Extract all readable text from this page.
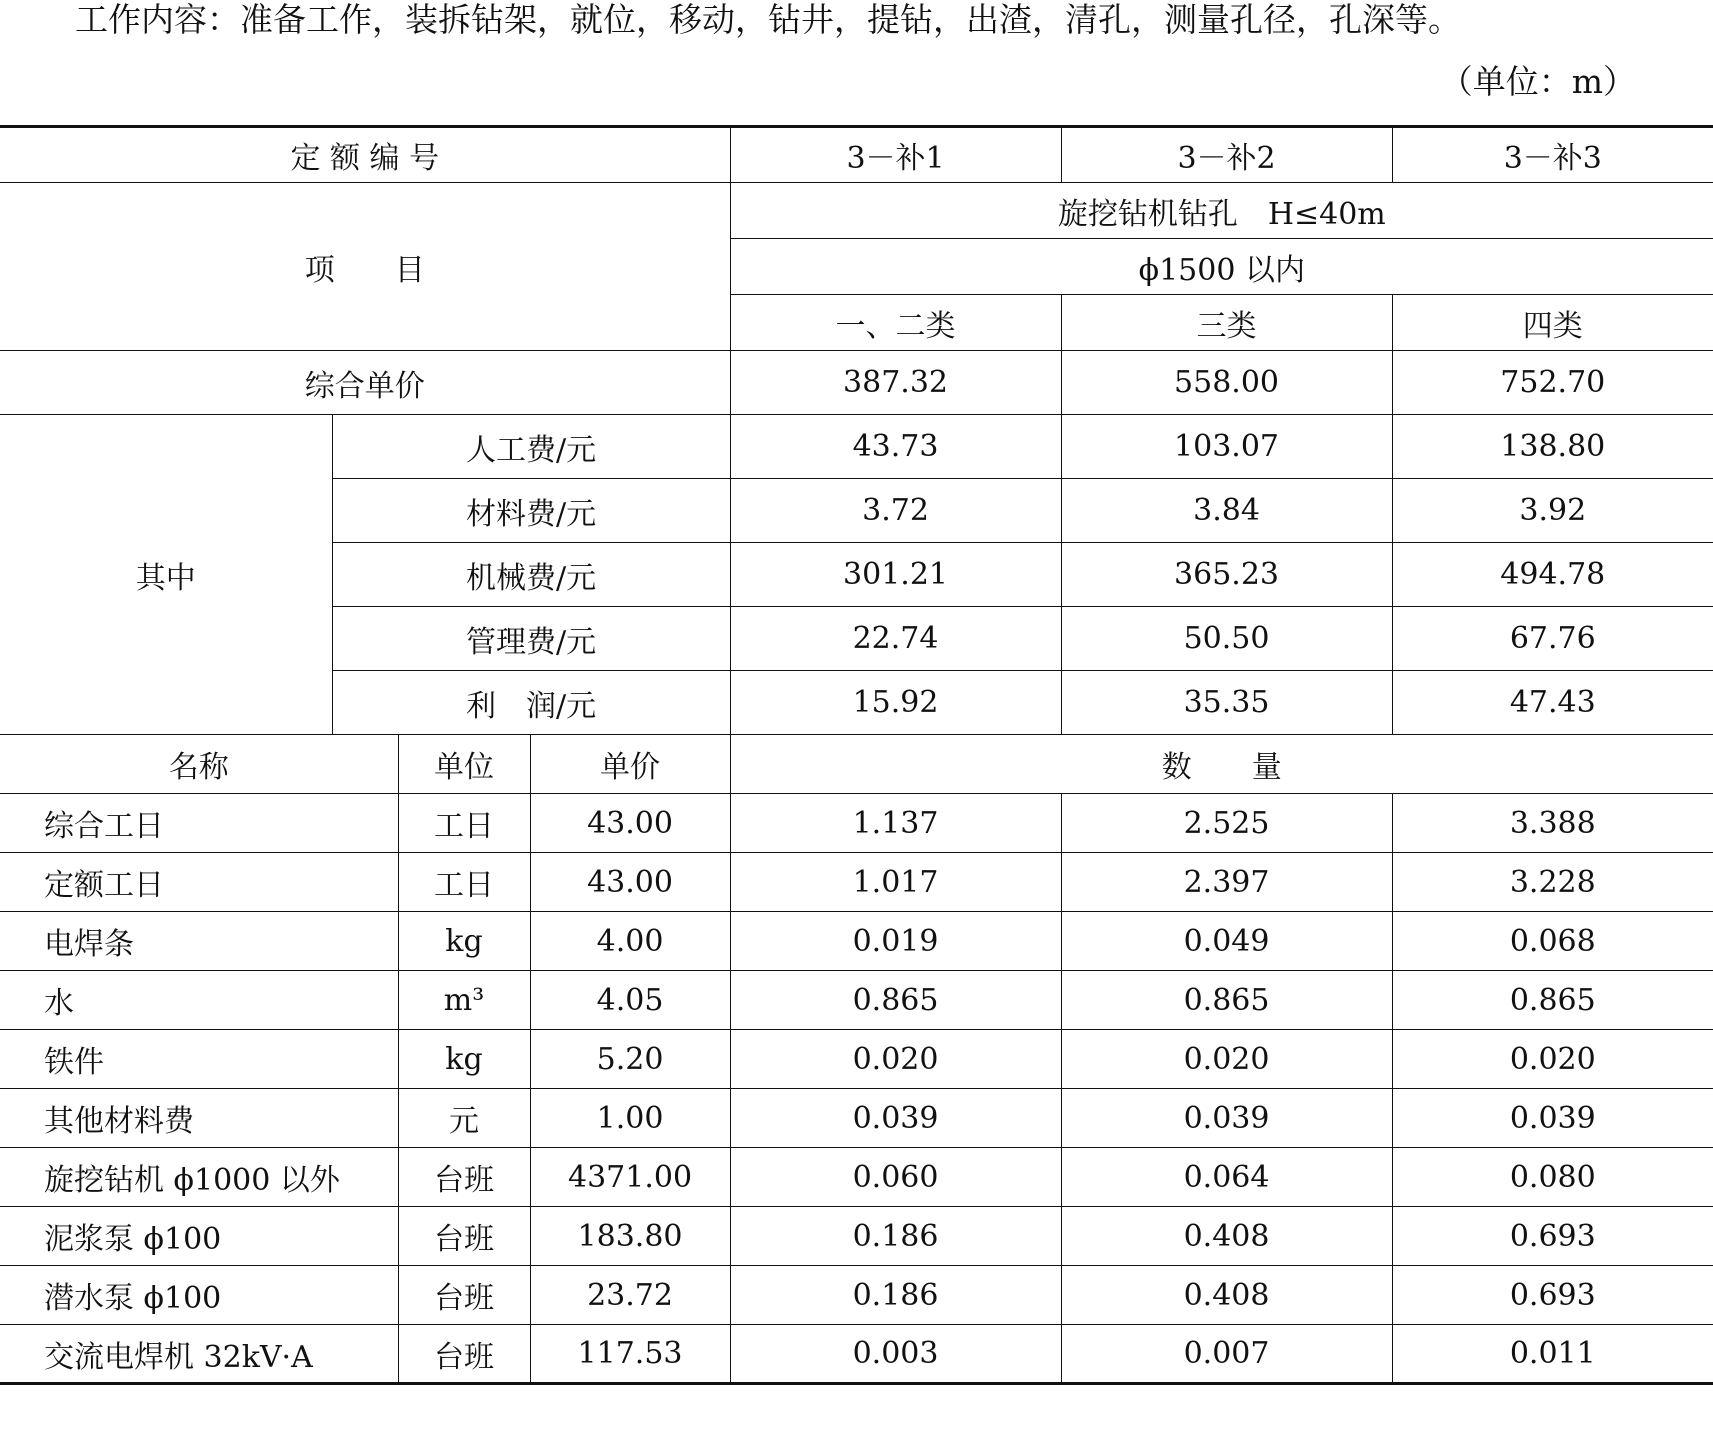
工作内容：准备工作，装拆钻架，就位，移动，钻井，提钻，出渣，清孔，测量孔径，孔深等。
（单位：m）
定 额 编 号				3－补1	3－补2	3－补3
项　　目				旋挖钻机钻孔　H≤40m		
				ϕ1500 以内		
				一、二类	三类	四类
综合单价				387.32	558.00	752.70
其中	人工费/元			43.73	103.07	138.80
	材料费/元			3.72	3.84	3.92
	机械费/元			301.21	365.23	494.78
	管理费/元			22.74	50.50	67.76
	利　润/元			15.92	35.35	47.43
名称		单位	单价	数　　量		
综合工日		工日	43.00	1.137	2.525	3.388
定额工日		工日	43.00	1.017	2.397	3.228
电焊条		kg	4.00	0.019	0.049	0.068
水		m³	4.05	0.865	0.865	0.865
铁件		kg	5.20	0.020	0.020	0.020
其他材料费		元	1.00	0.039	0.039	0.039
旋挖钻机 ϕ1000 以外		台班	4371.00	0.060	0.064	0.080
泥浆泵 ϕ100		台班	183.80	0.186	0.408	0.693
潜水泵 ϕ100		台班	23.72	0.186	0.408	0.693
交流电焊机 32kV·A		台班	117.53	0.003	0.007	0.011
